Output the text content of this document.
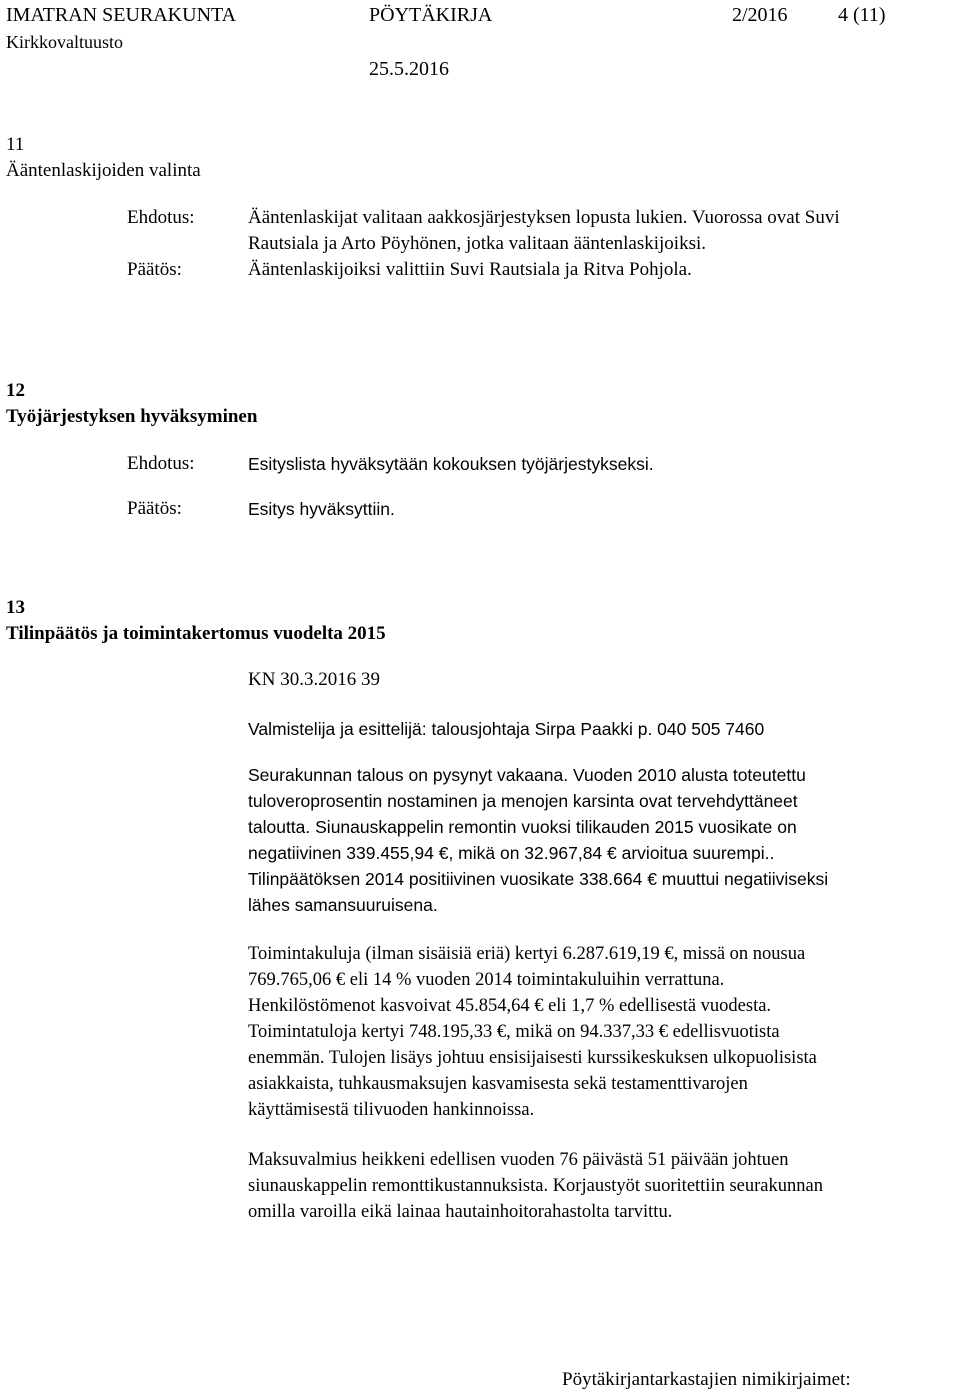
IMATRAN SEURAKUNTA	PÖYTÄKIRJA	2/2016	4 (11)
Kirkkovaltuusto
25.5.2016
11
Ääntenlaskijoiden valinta
Ehdotus:	Ääntenlaskijat valitaan aakkosjärjestyksen lopusta lukien. Vuorossa ovat Suvi
Rautsiala ja Arto Pöyhönen, jotka valitaan ääntenlaskijoiksi.
Päätös:	Ääntenlaskijoiksi valittiin Suvi Rautsiala ja Ritva Pohjola.
12
Työjärjestyksen hyväksyminen
Ehdotus:	Esityslista hyväksytään kokouksen työjärjestykseksi.
Päätös:	Esitys hyväksyttiin.
13
Tilinpäätös ja toimintakertomus vuodelta 2015
KN 30.3.2016 39
Valmistelija ja esittelijä: talousjohtaja Sirpa Paakki p. 040 505 7460
Seurakunnan talous on pysynyt vakaana. Vuoden 2010 alusta toteutettu
tuloveroprosentin nostaminen ja menojen karsinta ovat tervehdyttäneet
taloutta. Siunauskappelin remontin vuoksi tilikauden 2015 vuosikate on
negatiivinen 339.455,94 €, mikä on 32.967,84 € arvioitua suurempi..
Tilinpäätöksen 2014 positiivinen vuosikate 338.664 € muuttui negatiiviseksi
lähes samansuuruisena.
Toimintakuluja (ilman sisäisiä eriä) kertyi 6.287.619,19 €, missä on nousua
769.765,06 € eli 14 % vuoden 2014 toimintakuluihin verrattuna.
Henkilöstömenot kasvoivat 45.854,64 € eli 1,7 % edellisestä vuodesta.
Toimintatuloja kertyi 748.195,33 €, mikä on 94.337,33 € edellisvuotista
enemmän. Tulojen lisäys johtuu ensisijaisesti kurssikeskuksen ulkopuolisista
asiakkaista, tuhkausmaksujen kasvamisesta sekä testamenttivarojen
käyttämisestä tilivuoden hankinnoissa.
Maksuvalmius heikkeni edellisen vuoden 76 päivästä 51 päivään johtuen
siunauskappelin remonttikustannuksista. Korjaustyöt suoritettiin seurakunnan
omilla varoilla eikä lainaa hautainhoitorahastolta tarvittu.
Pöytäkirjantarkastajien nimikirjaimet:
